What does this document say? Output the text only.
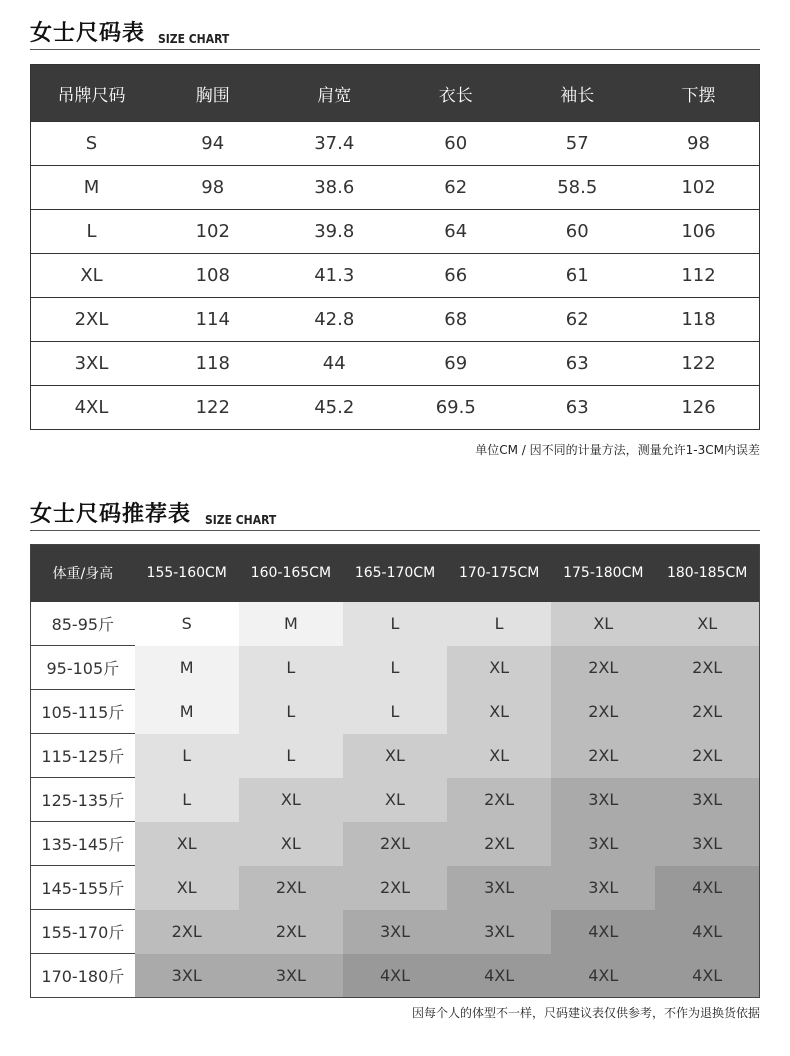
女士尺码表 SIZE CHART
吊牌尺码	胸围	肩宽	衣长	袖长	下摆
S	94	37.4	60	57	98
M	98	38.6	62	58.5	102
L	102	39.8	64	60	106
XL	108	41.3	66	61	112
2XL	114	42.8	68	62	118
3XL	118	44	69	63	122
4XL	122	45.2	69.5	63	126
单位CM / 因不同的计量方法，测量允许1-3CM内误差
女士尺码推荐表 SIZE CHART
体重/身高	155-160CM	160-165CM	165-170CM	170-175CM	175-180CM	180-185CM
85-95斤	S	M	L	L	XL	XL
95-105斤	M	L	L	XL	2XL	2XL
105-115斤	M	L	L	XL	2XL	2XL
115-125斤	L	L	XL	XL	2XL	2XL
125-135斤	L	XL	XL	2XL	3XL	3XL
135-145斤	XL	XL	2XL	2XL	3XL	3XL
145-155斤	XL	2XL	2XL	3XL	3XL	4XL
155-170斤	2XL	2XL	3XL	3XL	4XL	4XL
170-180斤	3XL	3XL	4XL	4XL	4XL	4XL
因每个人的体型不一样，尺码建议表仅供参考，不作为退换货依据
